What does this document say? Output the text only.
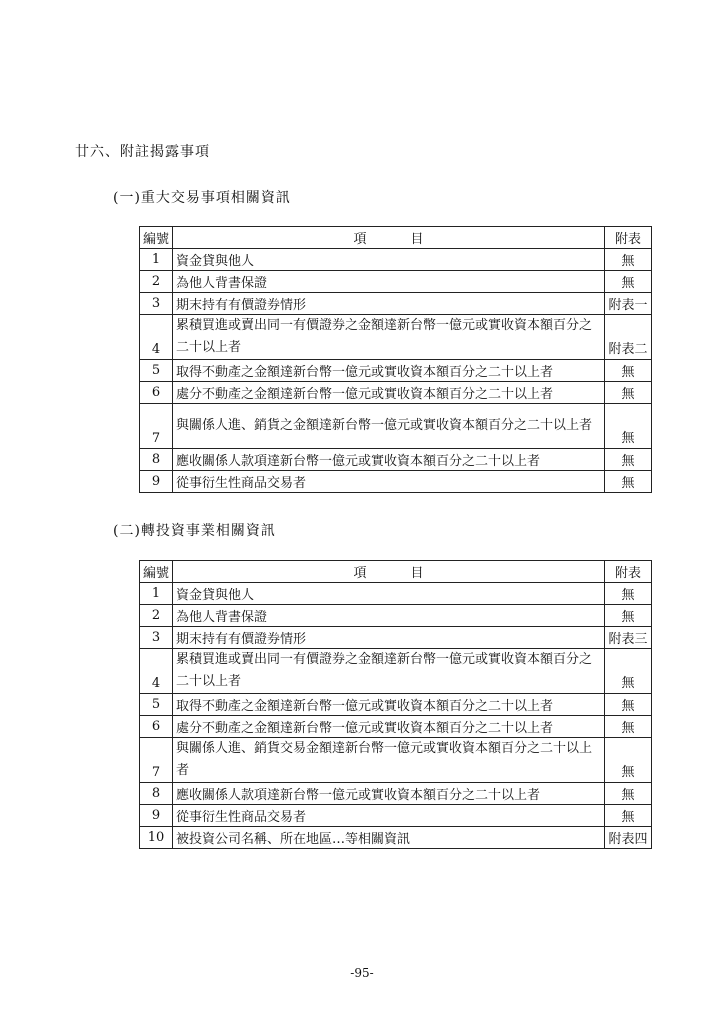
廿六、附註揭露事項
(一)重大交易事項相關資訊
編號	項 目	附表
1	資金貸與他人	無
2	為他人背書保證	無
3	期末持有有價證券情形	附表一
4	累積買進或賣出同一有價證券之金額達新台幣一億元或實收資本額百分之二十以上者	附表二
5	取得不動產之金額達新台幣一億元或實收資本額百分之二十以上者	無
6	處分不動產之金額達新台幣一億元或實收資本額百分之二十以上者	無
7	與關係人進、銷貨之金額達新台幣一億元或實收資本額百分之二十以上者	無
8	應收關係人款項達新台幣一億元或實收資本額百分之二十以上者	無
9	從事衍生性商品交易者	無
(二)轉投資事業相關資訊
編號	項 目	附表
1	資金貸與他人	無
2	為他人背書保證	無
3	期末持有有價證券情形	附表三
4	累積買進或賣出同一有價證券之金額達新台幣一億元或實收資本額百分之二十以上者	無
5	取得不動產之金額達新台幣一億元或實收資本額百分之二十以上者	無
6	處分不動產之金額達新台幣一億元或實收資本額百分之二十以上者	無
7	與關係人進、銷貨交易金額達新台幣一億元或實收資本額百分之二十以上者	無
8	應收關係人款項達新台幣一億元或實收資本額百分之二十以上者	無
9	從事衍生性商品交易者	無
10	被投資公司名稱、所在地區…等相關資訊	附表四
-95-
